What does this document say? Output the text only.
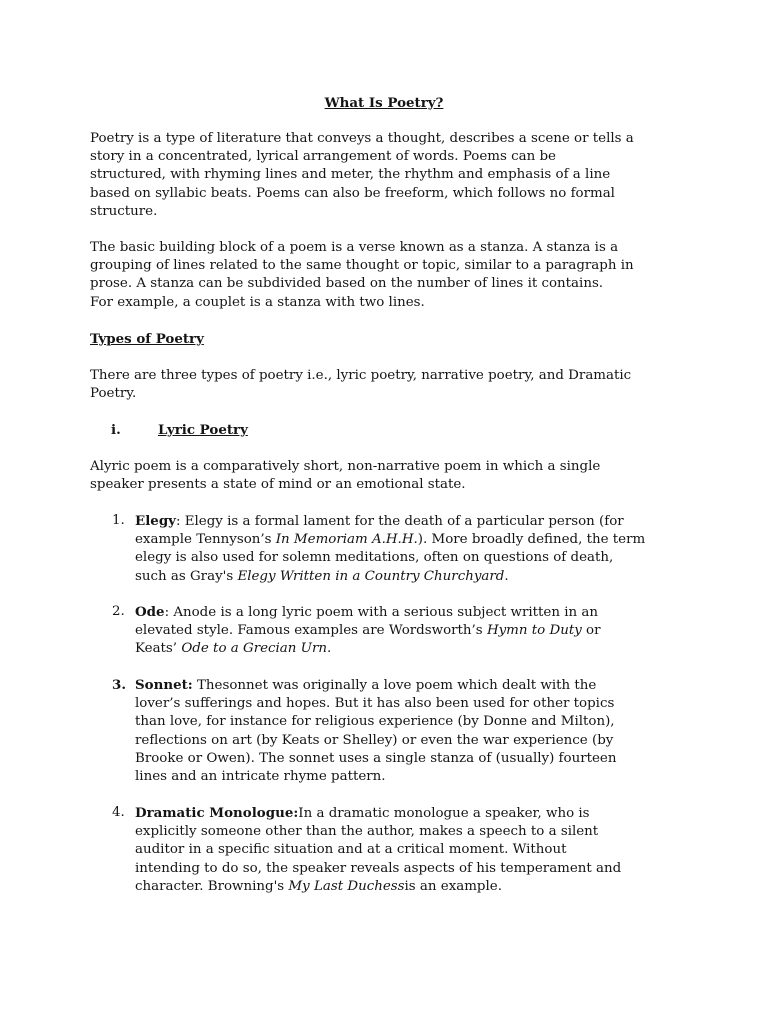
What Is Poetry?
Poetry is a type of literature that conveys a thought, describes a scene or tells a
story in a concentrated, lyrical arrangement of words. Poems can be
structured, with rhyming lines and meter, the rhythm and emphasis of a line
based on syllabic beats. Poems can also be freeform, which follows no formal
structure.
The basic building block of a poem is a verse known as a stanza. A stanza is a
grouping of lines related to the same thought or topic, similar to a paragraph in
prose. A stanza can be subdivided based on the number of lines it contains.
For example, a couplet is a stanza with two lines.
Types of Poetry
There are three types of poetry i.e., lyric poetry, narrative poetry, and Dramatic
Poetry.
i.	Lyric Poetry
Alyric poem is a comparatively short, non-narrative poem in which a single
speaker presents a state of mind or an emotional state.
1. Elegy: Elegy is a formal lament for the death of a particular person (for
example Tennyson’s In Memoriam A.H.H.). More broadly defined, the term
elegy is also used for solemn meditations, often on questions of death,
such as Gray's Elegy Written in a Country Churchyard.
2. Ode: Anode is a long lyric poem with a serious subject written in an
elevated style. Famous examples are Wordsworth’s Hymn to Duty or
Keats’ Ode to a Grecian Urn.
3. Sonnet: Thesonnet was originally a love poem which dealt with the
lover’s sufferings and hopes. But it has also been used for other topics
than love, for instance for religious experience (by Donne and Milton),
reflections on art (by Keats or Shelley) or even the war experience (by
Brooke or Owen). The sonnet uses a single stanza of (usually) fourteen
lines and an intricate rhyme pattern.
4. Dramatic Monologue:In a dramatic monologue a speaker, who is
explicitly someone other than the author, makes a speech to a silent
auditor in a specific situation and at a critical moment. Without
intending to do so, the speaker reveals aspects of his temperament and
character. Browning's My Last Duchessis an example.
